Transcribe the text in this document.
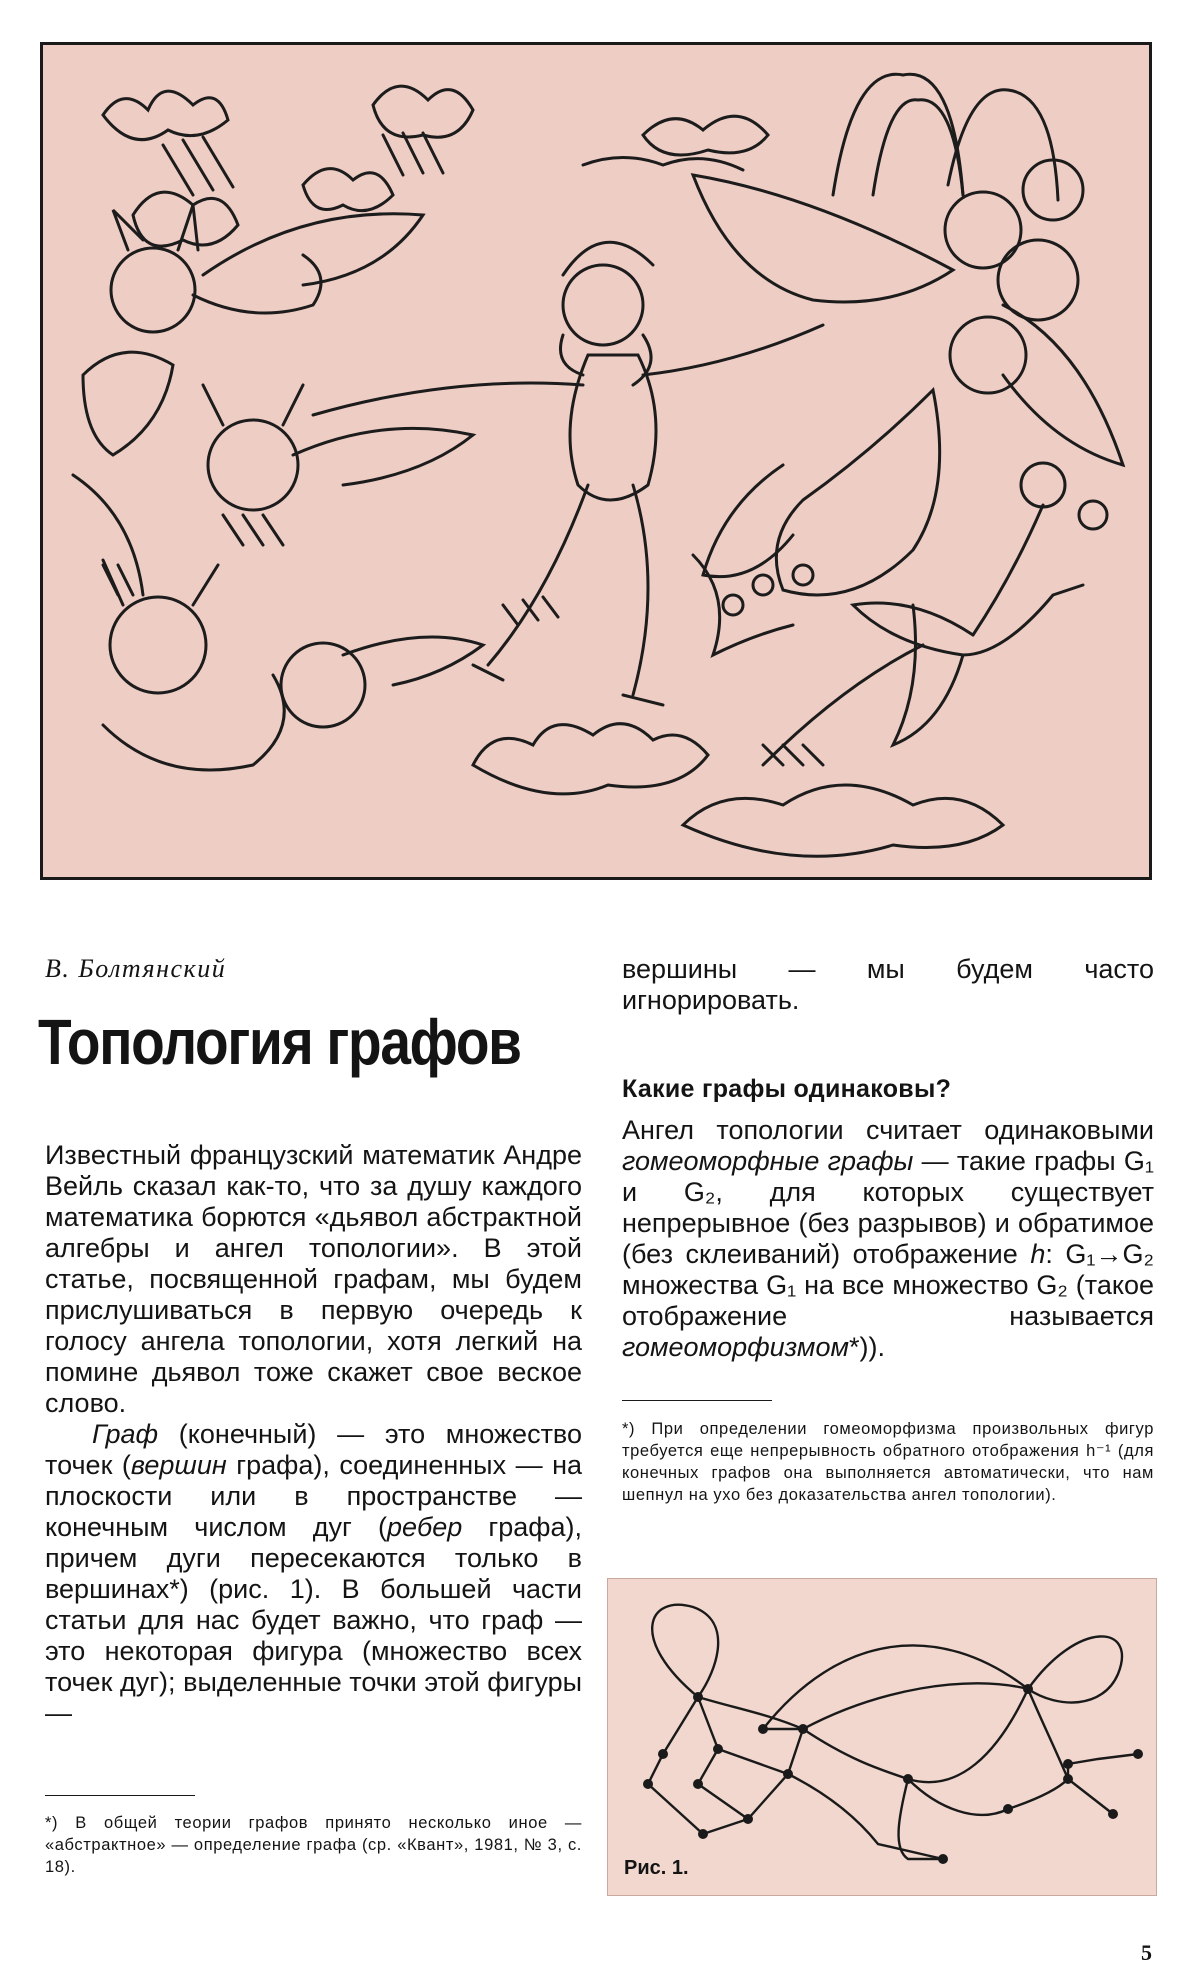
В. Болтянский
Топология графов

Известный французский математик Андре Вейль сказал как-то, что за душу каждого математика борются «дьявол абстрактной алгебры и ангел топологии». В этой статье, посвященной графам, мы будем прислушиваться в первую очередь к голосу ангела топологии, хотя легкий на помине дьявол тоже скажет свое веское слово.

Граф (конечный) — это множество точек (вершин графа), соединенных — на плоскости или в пространстве — конечным числом дуг (ребер графа), причем дуги пересекаются только в вершинах*) (рис. 1). В большей части статьи для нас будет важно, что граф — это некоторая фигура (множество всех точек дуг); выделенные точки этой фигуры —

вершины — мы будем часто игнорировать.

Какие графы одинаковы?

Ангел топологии считает одинаковыми гомеоморфные графы — такие графы G₁ и G₂, для которых существует непрерывное (без разрывов) и обратимое (без склеиваний) отображение h: G₁→G₂ множества G₁ на все множество G₂ (такое отображение называется гомеоморфизмом*)).

*) При определении гомеоморфизма произвольных фигур требуется еще непрерывность обратного отображения h⁻¹ (для конечных графов она выполняется автоматически, что нам шепнул на ухо без доказательства ангел топологии).
*) В общей теории графов принято несколько иное — «абстрактное» — определение графа (ср. «Квант», 1981, № 3, с. 18).	Рис. 1.
5
